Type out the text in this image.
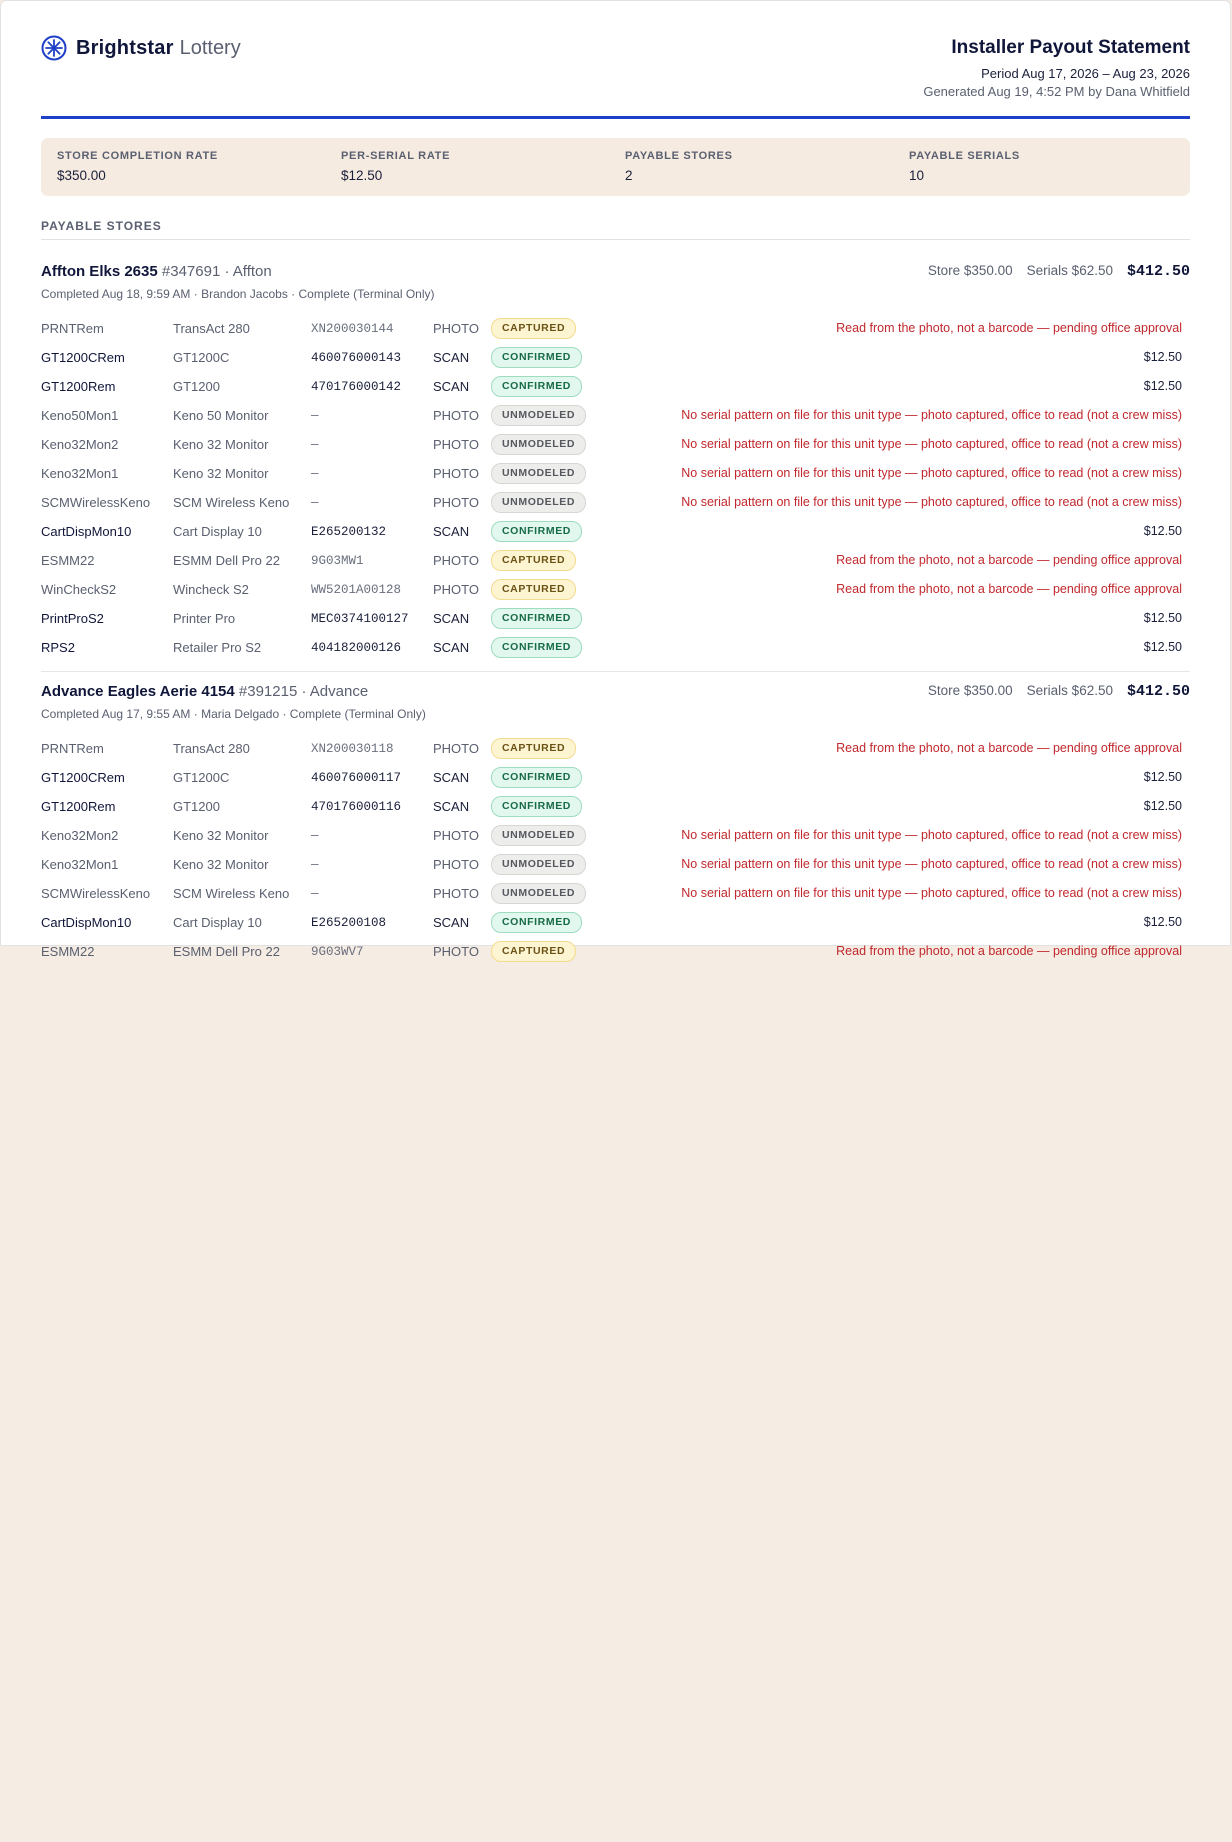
Brightstar Lottery	Installer Payout Statement
Period Aug 17, 2026 – Aug 23, 2026
Generated Aug 19, 4:52 PM by Dana Whitfield
STORE COMPLETION RATE
$350.00
PER-SERIAL RATE
$12.50
PAYABLE STORES
2
PAYABLE SERIALS
10
PAYABLE STORES
Affton Elks 2635 #347691 · Affton
Completed Aug 18, 9:59 AM · Brandon Jacobs · Complete (Terminal Only)
Store $350.00 Serials $62.50 $412.50
PRNTRem	TransAct 280	XN200030144	PHOTO	CAPTURED	Read from the photo, not a barcode — pending office approval
GT1200CRem	GT1200C	460076000143 SCAN	CONFIRMED	$12.50
GT1200Rem	GT1200	470176000142 SCAN	CONFIRMED	$12.50
Keno50Mon1	Keno 50 Monitor	—	PHOTO	UNMODELED	No serial pattern on file for this unit type — photo captured, office to read (not a crew miss)
Keno32Mon2	Keno 32 Monitor	—	PHOTO	UNMODELED	No serial pattern on file for this unit type — photo captured, office to read (not a crew miss)
Keno32Mon1	Keno 32 Monitor	—	PHOTO	UNMODELED	No serial pattern on file for this unit type — photo captured, office to read (not a crew miss)
SCMWirelessKeno	SCM Wireless Keno —	PHOTO	UNMODELED	No serial pattern on file for this unit type — photo captured, office to read (not a crew miss)
CartDispMon10	Cart Display 10	E265200132	SCAN	CONFIRMED	$12.50
ESMM22	ESMM Dell Pro 22 9G03MW1	PHOTO	CAPTURED	Read from the photo, not a barcode — pending office approval
WinCheckS2	Wincheck S2	WW5201A00128 PHOTO	CAPTURED	Read from the photo, not a barcode — pending office approval
PrintProS2	Printer Pro	MEC0374100127 SCAN	CONFIRMED	$12.50
RPS2	Retailer Pro S2	404182000126 SCAN	CONFIRMED	$12.50
Advance Eagles Aerie 4154 #391215 · Advance
Completed Aug 17, 9:55 AM · Maria Delgado · Complete (Terminal Only)
Store $350.00 Serials $62.50 $412.50
PRNTRem	TransAct 280	XN200030118	PHOTO	CAPTURED	Read from the photo, not a barcode — pending office approval
GT1200CRem	GT1200C	460076000117 SCAN	CONFIRMED	$12.50
GT1200Rem	GT1200	470176000116 SCAN	CONFIRMED	$12.50
Keno32Mon2	Keno 32 Monitor	—	PHOTO	UNMODELED	No serial pattern on file for this unit type — photo captured, office to read (not a crew miss)
Keno32Mon1	Keno 32 Monitor	—	PHOTO	UNMODELED	No serial pattern on file for this unit type — photo captured, office to read (not a crew miss)
SCMWirelessKeno	SCM Wireless Keno —	PHOTO	UNMODELED	No serial pattern on file for this unit type — photo captured, office to read (not a crew miss)
CartDispMon10	Cart Display 10	E265200108	SCAN	CONFIRMED	$12.50
ESMM22	ESMM Dell Pro 22 9G03WV7	PHOTO	CAPTURED	Read from the photo, not a barcode — pending office approval
